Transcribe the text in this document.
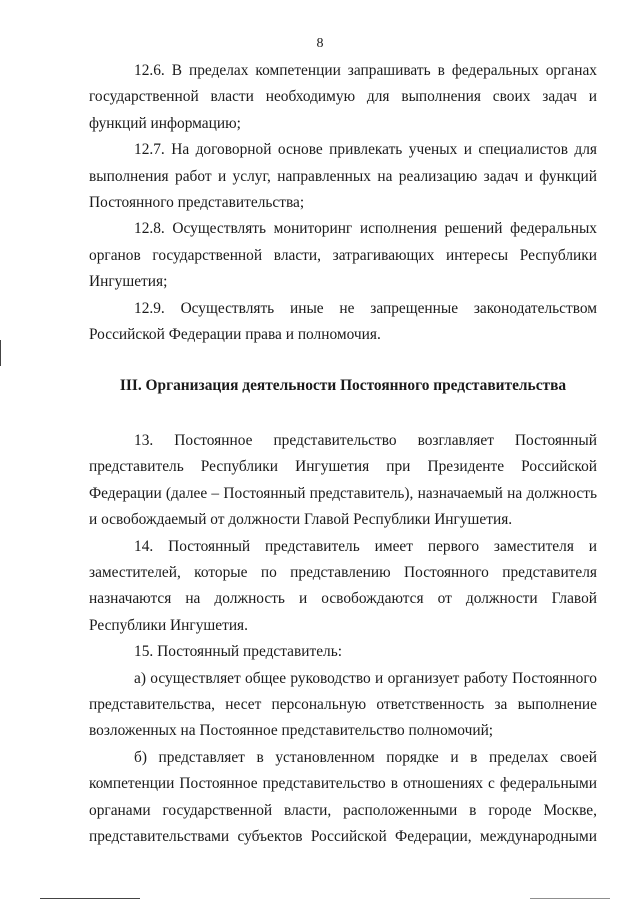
8

12.6. В пределах компетенции запрашивать в федеральных органах государственной власти необходимую для выполнения своих задач и функций информацию;

12.7. На договорной основе привлекать ученых и специалистов для выполнения работ и услуг, направленных на реализацию задач и функций Постоянного представительства;

12.8. Осуществлять мониторинг исполнения решений федеральных органов государственной власти, затрагивающих интересы Республики Ингушетия;

12.9. Осуществлять иные не запрещенные законодательством Российской Федерации права и полномочия.

III. Организация деятельности Постоянного представительства

13. Постоянное представительство возглавляет Постоянный представитель Республики Ингушетия при Президенте Российской Федерации (далее – Постоянный представитель), назначаемый на должность и освобождаемый от должности Главой Республики Ингушетия.

14. Постоянный представитель имеет первого заместителя и заместителей, которые по представлению Постоянного представителя назначаются на должность и освобождаются от должности Главой Республики Ингушетия.

15. Постоянный представитель:

а) осуществляет общее руководство и организует работу Постоянного представительства, несет персональную ответственность за выполнение возложенных на Постоянное представительство полномочий;

б) представляет в установленном порядке и в пределах своей компетенции Постоянное представительство в отношениях с федеральными органами государственной власти, расположенными в городе Москве, представительствами субъектов Российской Федерации, международными
